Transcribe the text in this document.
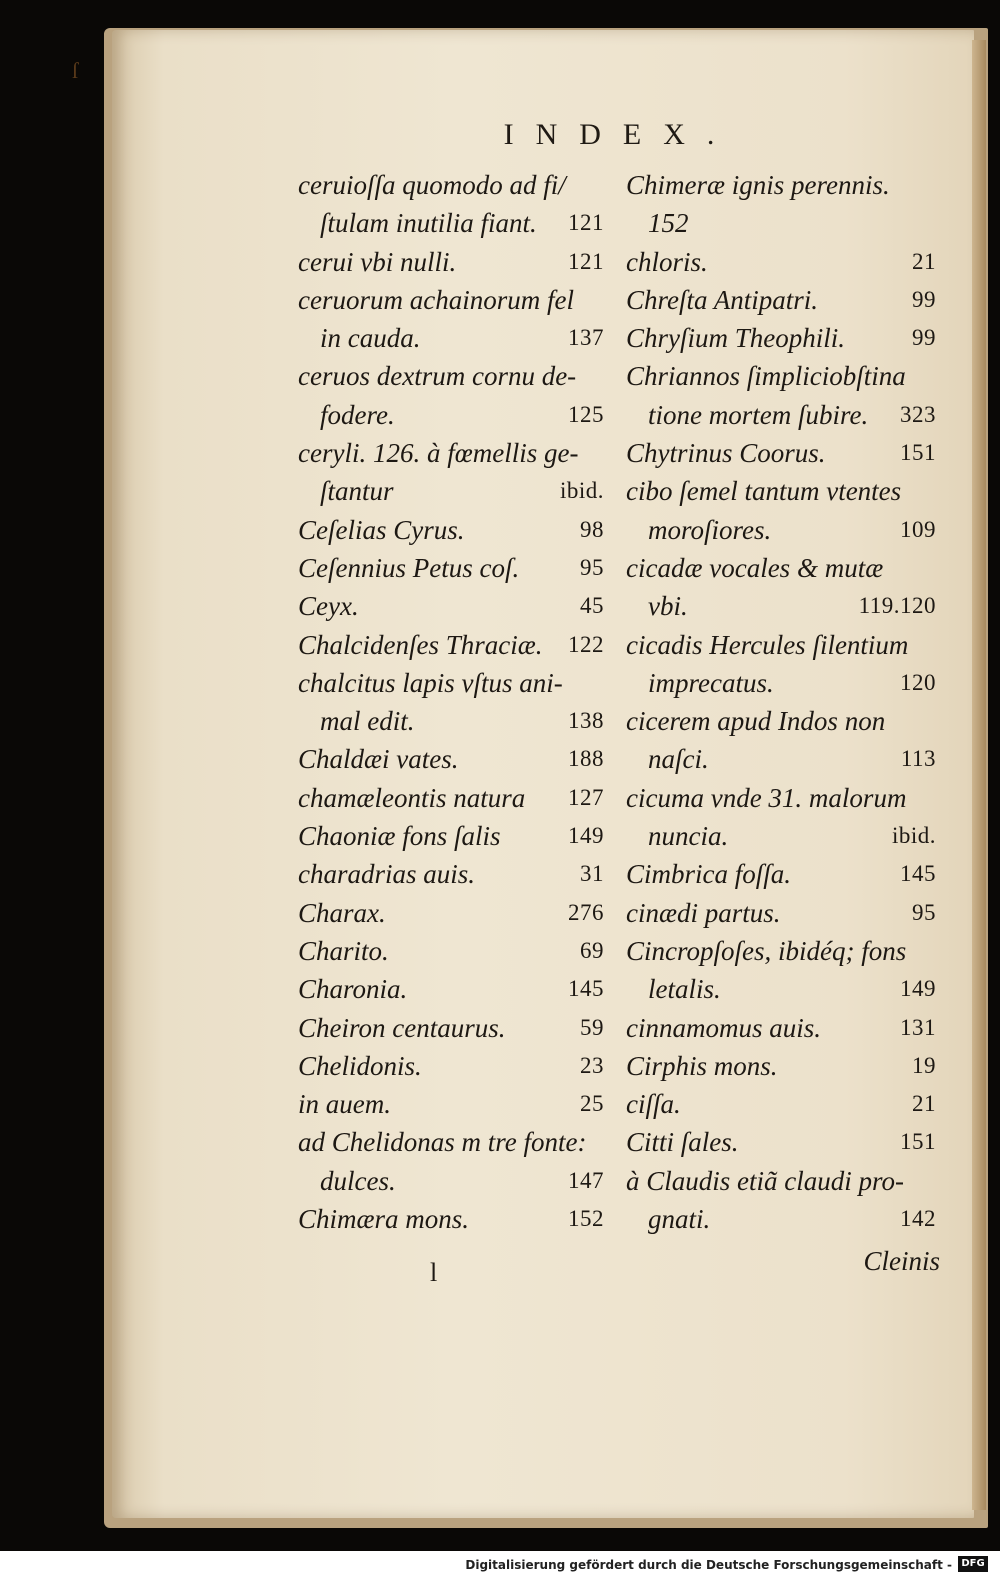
ſ
INDEX.
ceruioſſa quomodo ad fi/
ſtulam inutilia fiant. 121
cerui vbi nulli.	121
ceruorum achainorum fel
in cauda.	137
ceruos dextrum cornu de-
fodere.	125
ceryli. 126. à fœmellis ge-
ſtantur	ibid.
Ceſelias Cyrus.	98
Ceſennius Petus coſ.	95
Ceyx.	45
Chalcidenſes Thraciæ. 122
chalcitus lapis vſtus ani-
mal edit.	138
Chaldæi vates.	188
chamæleontis natura 127
Chaoniæ fons ſalis	149
charadrias auis.	31
Charax.	276
Charito.	69
Charonia.	145
Cheiron centaurus.	59
Chelidonis.	23
in auem.	25
ad Chelidonas m tre fonte:
dulces.	147
Chimæra mons.	152
Chimeræ ignis perennis.
152
chloris.	21
Chreſta Antipatri.	99
Chryſium Theophili.	99
Chriannos ſimpliciobſtina
tione mortem ſubire. 323
Chytrinus Coorus.	151
cibo ſemel tantum vtentes
moroſiores.	109
cicadæ vocales & mutæ
vbi.	119.120
cicadis Hercules ſilentium
imprecatus.	120
cicerem apud Indos non
naſci.	113
cicuma vnde 31. malorum
nuncia.	ibid.
Cimbrica foſſa.	145
cinædi partus.	95
Cincropſoſes, ibidéq; fons
letalis.	149
cinnamomus auis.	131
Cirphis mons.	19
ciſſa.	21
Citti ſales.	151
à Claudis etiã claudi pro-
gnati.	142
l	Cleinis
Digitalisierung gefördert durch die Deutsche Forschungsgemeinschaft - DFG
